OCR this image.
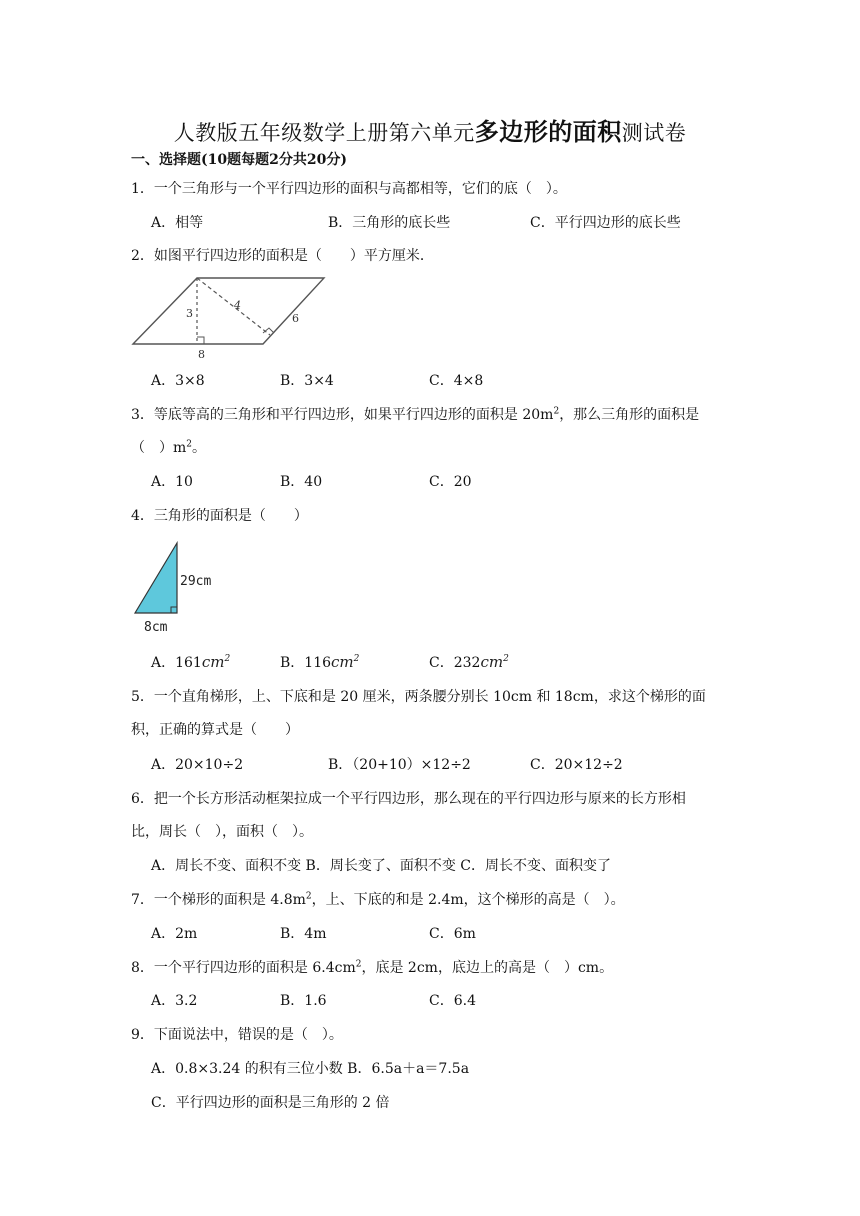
人教版五年级数学上册第六单元多边形的面积测试卷
一、选择题(10题每题2分共20分)
1．一个三角形与一个平行四边形的面积与高都相等，它们的底（　）。
A．相等	B．三角形的底长些	C．平行四边形的底长些
2．如图平行四边形的面积是（　　）平方厘米．
3
4
6
8
A．3×8	B．3×4	C．4×8
3．等底等高的三角形和平行四边形，如果平行四边形的面积是 $20m^2$，那么三角形的面积是
（　）$m^2$。
A．10	B．40	C．20
4．三角形的面积是（　　）
29cm
8cm
A．$161cm^2$	B．$116cm^2$	C．$232cm^2$
5．一个直角梯形，上、下底和是 20 厘米，两条腰分别长 10cm 和 18cm，求这个梯形的面
积，正确的算式是（　　）
A．20×10÷2	B．（20+10）×12÷2	C．20×12÷2
6．把一个长方形活动框架拉成一个平行四边形，那么现在的平行四边形与原来的长方形相
比，周长（　），面积（　）。
A．周长不变、面积不变 B．周长变了、面积不变 C．周长不变、面积变了
7．一个梯形的面积是 $4.8m^2$，上、下底的和是 2.4m，这个梯形的高是（　）。
A．2m	B．4m	C．6m
8．一个平行四边形的面积是 $6.4cm^2$，底是 2cm，底边上的高是（　）cm。
A．3.2	B．1.6	C．6.4
9．下面说法中，错误的是（　）。
A．0.8×3.24 的积有三位小数 B．6.5a＋a＝7.5a
C．平行四边形的面积是三角形的 2 倍
